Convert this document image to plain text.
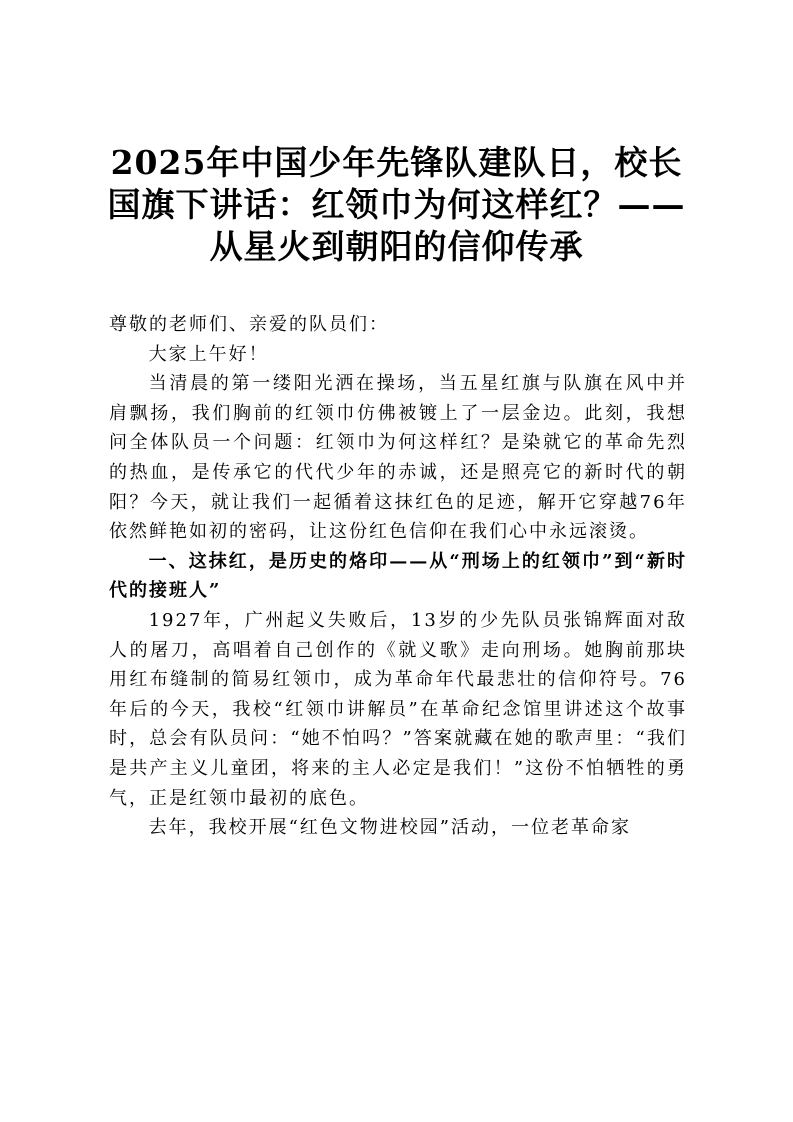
2025年中国少年先锋队建队日，校长国旗下讲话：红领巾为何这样红？——从星火到朝阳的信仰传承

尊敬的老师们、亲爱的队员们：

大家上午好！

当清晨的第一缕阳光洒在操场，当五星红旗与队旗在风中并肩飘扬，我们胸前的红领巾仿佛被镀上了一层金边。此刻，我想问全体队员一个问题：红领巾为何这样红？是染就它的革命先烈的热血，是传承它的代代少年的赤诚，还是照亮它的新时代的朝阳？今天，就让我们一起循着这抹红色的足迹，解开它穿越76年依然鲜艳如初的密码，让这份红色信仰在我们心中永远滚烫。

一、这抹红，是历史的烙印——从“刑场上的红领巾”到“新时代的接班人”

1927年，广州起义失败后，13岁的少先队员张锦辉面对敌人的屠刀，高唱着自己创作的《就义歌》走向刑场。她胸前那块用红布缝制的简易红领巾，成为革命年代最悲壮的信仰符号。76年后的今天，我校“红领巾讲解员”在革命纪念馆里讲述这个故事时，总会有队员问：“她不怕吗？”答案就藏在她的歌声里：“我们是共产主义儿童团，将来的主人必定是我们！”这份不怕牺牲的勇气，正是红领巾最初的底色。

去年，我校开展“红色文物进校园”活动，一位老革命家
